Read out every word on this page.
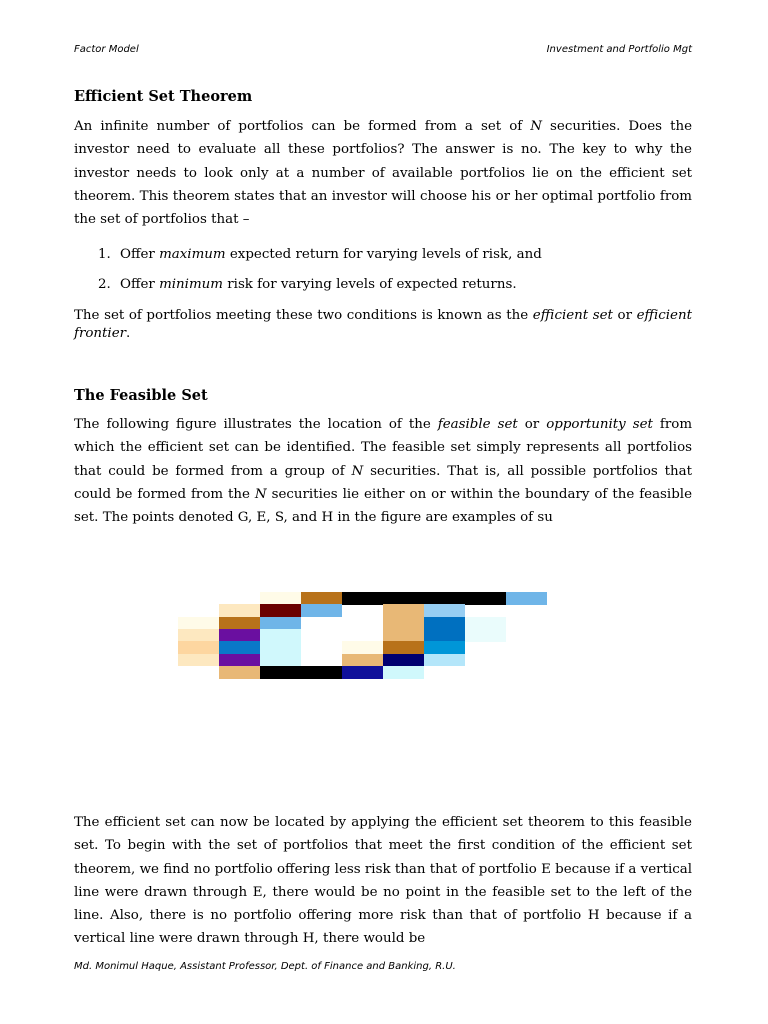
Factor Model	Investment and Portfolio Mgt
Efficient Set Theorem

An infinite number of portfolios can be formed from a set of N securities. Does the investor need to evaluate all these portfolios? The answer is no. The key to why the investor needs to look only at a number of available portfolios lie on the efficient set theorem. This theorem states that an investor will choose his or her optimal portfolio from the set of portfolios that –

1. Offer maximum expected return for varying levels of risk, and
2. Offer minimum risk for varying levels of expected returns.

The set of portfolios meeting these two conditions is known as the efficient set or efficient frontier.

The Feasible Set

The following figure illustrates the location of the feasible set or opportunity set from which the efficient set can be identified. The feasible set simply represents all portfolios that could be formed from a group of N securities. That is, all possible portfolios that could be formed from the N securities lie either on or within the boundary of the feasible set. The points denoted G, E, S, and H in the figure are examples of su

The efficient set can now be located by applying the efficient set theorem to this feasible set. To begin with the set of portfolios that meet the first condition of the efficient set theorem, we find no portfolio offering less risk than that of portfolio E because if a vertical line were drawn through E, there would be no point in the feasible set to the left of the line. Also, there is no portfolio offering more risk than that of portfolio H because if a vertical line were drawn through H, there would be

Md. Monimul Haque, Assistant Professor, Dept. of Finance and Banking, R.U.
